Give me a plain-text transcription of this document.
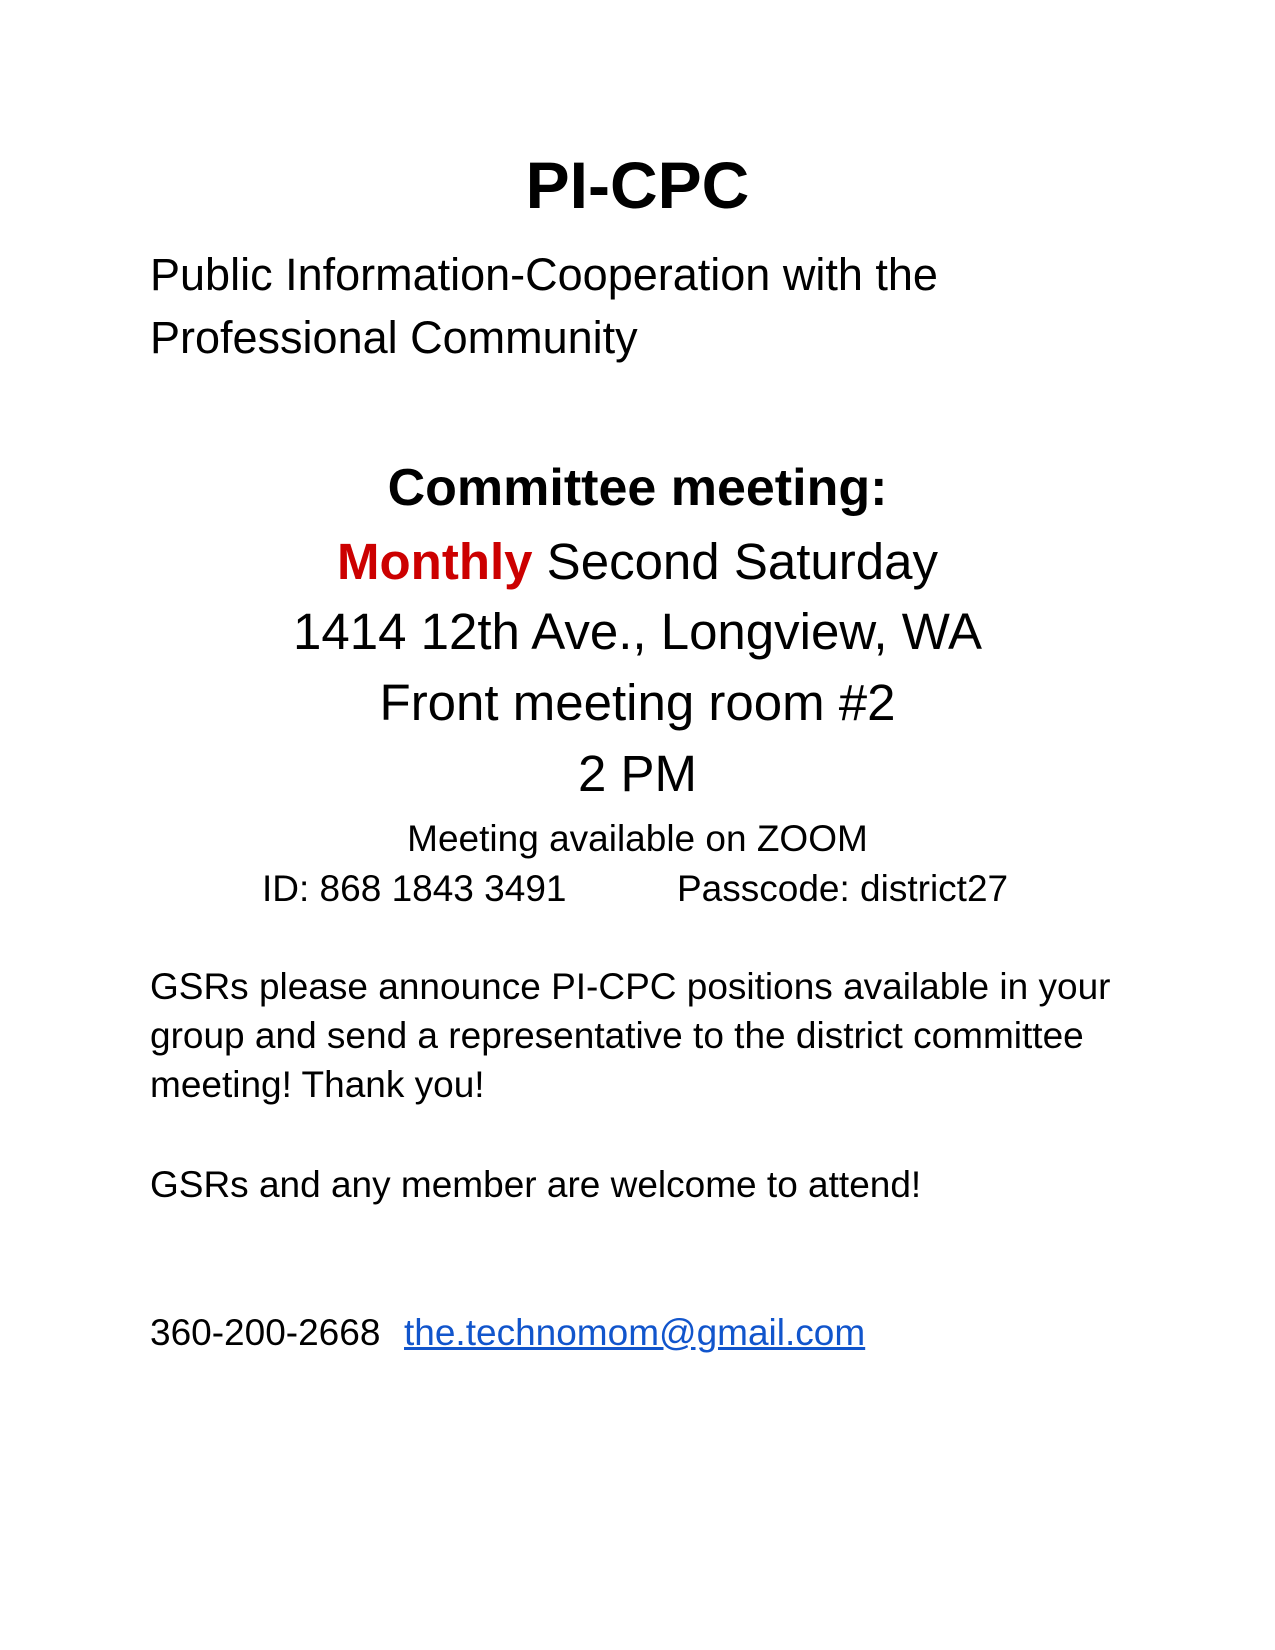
PI-CPC

Public Information-Cooperation with the

Professional Community

Committee meeting:

Monthly Second Saturday

1414 12th Ave., Longview, WA

Front meeting room #2

2 PM

Meeting available on ZOOM

ID: 868 1843 3491	Passcode: district27

GSRs please announce PI-CPC positions available in your

group and send a representative to the district committee

meeting! Thank you!

GSRs and any member are welcome to attend!

360-200-2668 the.technomom@gmail.com
